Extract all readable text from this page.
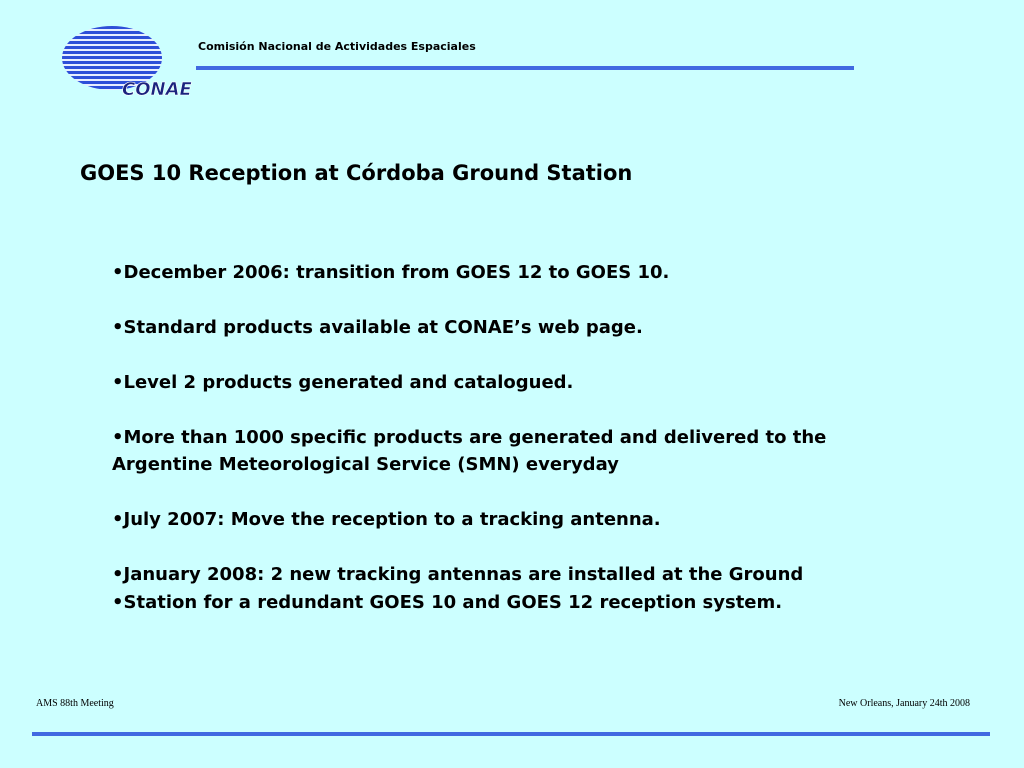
CONAE
Comisión Nacional de Actividades Espaciales
GOES 10 Reception at Córdoba Ground Station

•December 2006: transition from GOES 12 to GOES 10.

•Standard products available at CONAE’s web page.

•Level 2 products generated and catalogued.

•More than 1000 specific products are generated and delivered to the Argentine Meteorological Service (SMN) everyday

•July 2007: Move the reception to a tracking antenna.

•January 2008: 2 new tracking antennas are installed at the Ground

•Station for a redundant GOES 10 and GOES 12 reception system.

AMS 88th Meeting	New Orleans, January 24th 2008
